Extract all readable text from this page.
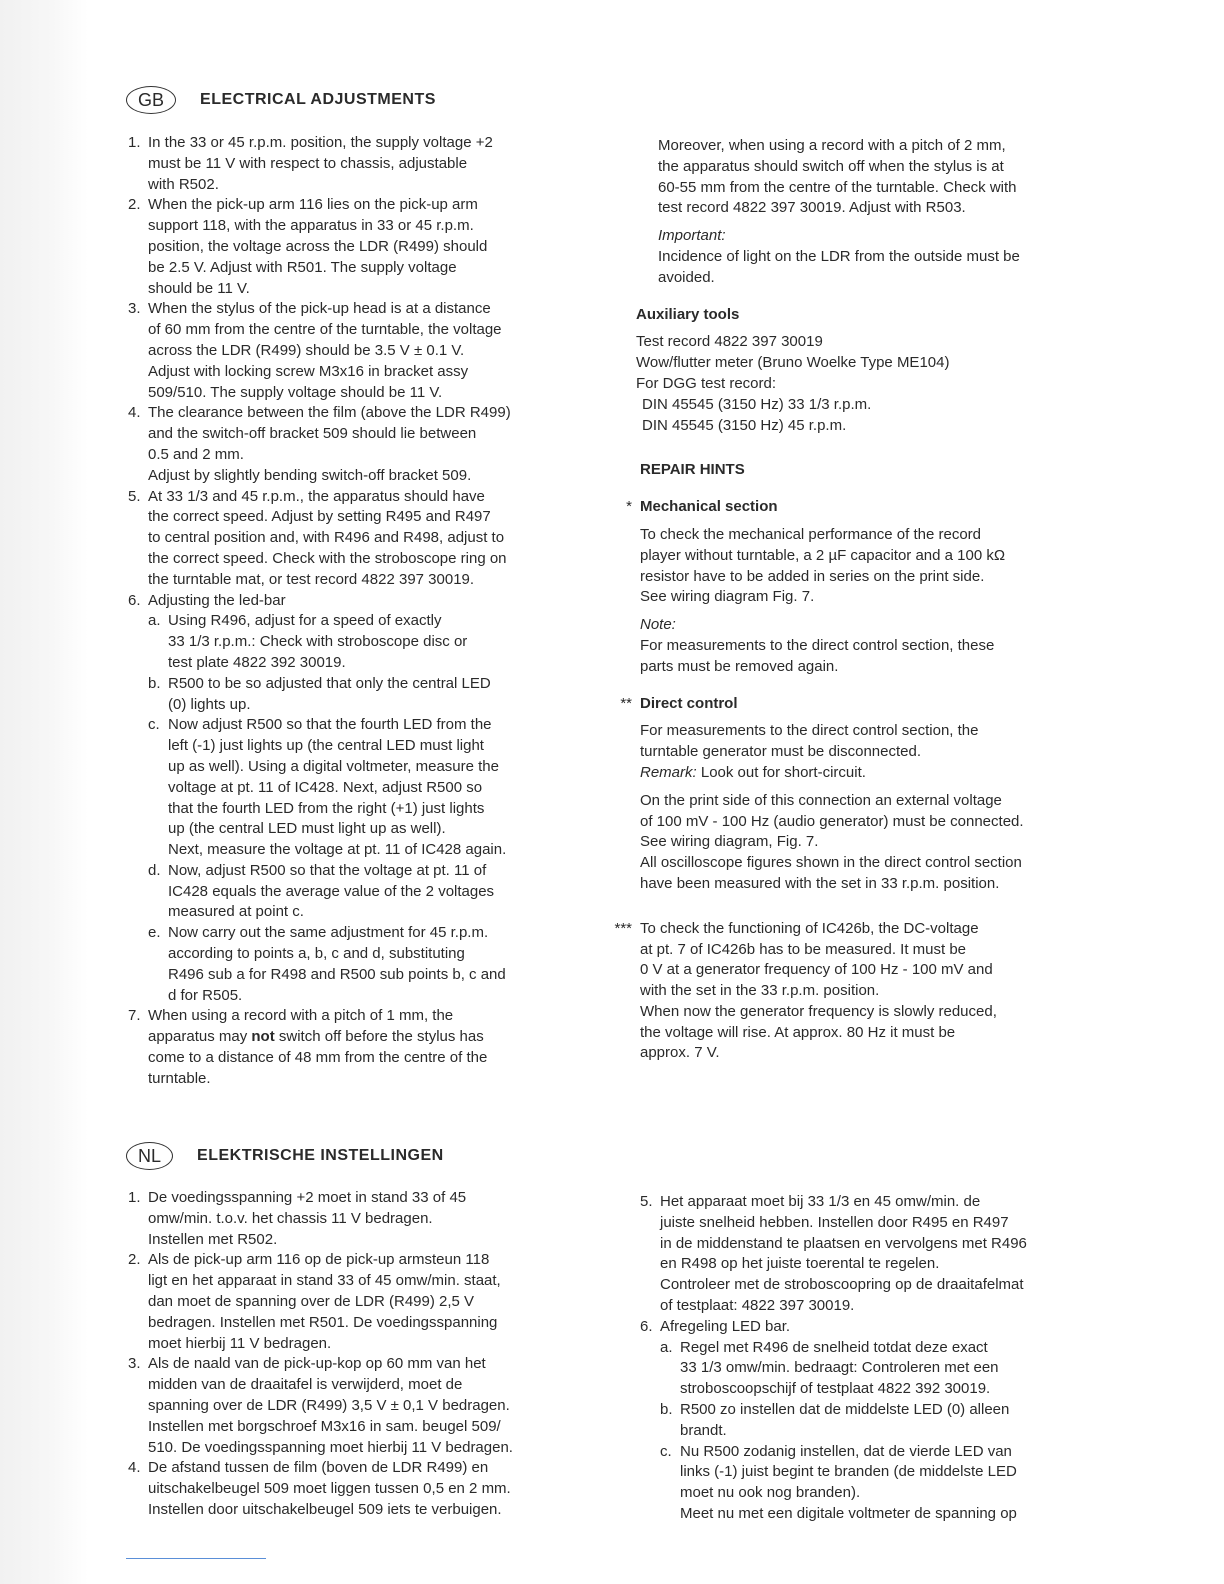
GB	ELECTRICAL ADJUSTMENTS
1. In the 33 or 45 r.p.m. position, the supply voltage +2
must be 11 V with respect to chassis, adjustable
with R502.
2. When the pick-up arm 116 lies on the pick-up arm
support 118, with the apparatus in 33 or 45 r.p.m.
position, the voltage across the LDR (R499) should
be 2.5 V. Adjust with R501. The supply voltage
should be 11 V.
3. When the stylus of the pick-up head is at a distance
of 60 mm from the centre of the turntable, the voltage
across the LDR (R499) should be 3.5 V ± 0.1 V.
Adjust with locking screw M3x16 in bracket assy
509/510. The supply voltage should be 11 V.
4. The clearance between the film (above the LDR R499)
and the switch-off bracket 509 should lie between
0.5 and 2 mm.
Adjust by slightly bending switch-off bracket 509.
5. At 33 1/3 and 45 r.p.m., the apparatus should have
the correct speed. Adjust by setting R495 and R497
to central position and, with R496 and R498, adjust to
the correct speed. Check with the stroboscope ring on
the turntable mat, or test record 4822 397 30019.
6. Adjusting the led-bar
a. Using R496, adjust for a speed of exactly
33 1/3 r.p.m.: Check with stroboscope disc or
test plate 4822 392 30019.
b. R500 to be so adjusted that only the central LED
(0) lights up.
c. Now adjust R500 so that the fourth LED from the
left (-1) just lights up (the central LED must light
up as well). Using a digital voltmeter, measure the
voltage at pt. 11 of IC428. Next, adjust R500 so
that the fourth LED from the right (+1) just lights
up (the central LED must light up as well).
Next, measure the voltage at pt. 11 of IC428 again.
d. Now, adjust R500 so that the voltage at pt. 11 of
IC428 equals the average value of the 2 voltages
measured at point c.
e. Now carry out the same adjustment for 45 r.p.m.
according to points a, b, c and d, substituting
R496 sub a for R498 and R500 sub points b, c and
d for R505.
7. When using a record with a pitch of 1 mm, the
apparatus may not switch off before the stylus has
come to a distance of 48 mm from the centre of the
turntable.
Moreover, when using a record with a pitch of 2 mm,
the apparatus should switch off when the stylus is at
60-55 mm from the centre of the turntable. Check with
test record 4822 397 30019. Adjust with R503.
Important:
Incidence of light on the LDR from the outside must be
avoided.
Auxiliary tools
Test record 4822 397 30019
Wow/flutter meter (Bruno Woelke Type ME104)
For DGG test record:
DIN 45545 (3150 Hz) 33 1/3 r.p.m.
DIN 45545 (3150 Hz) 45 r.p.m.
REPAIR HINTS
* Mechanical section
To check the mechanical performance of the record
player without turntable, a 2 µF capacitor and a 100 kΩ
resistor have to be added in series on the print side.
See wiring diagram Fig. 7.
Note:
For measurements to the direct control section, these
parts must be removed again.
** Direct control
For measurements to the direct control section, the
turntable generator must be disconnected.
Remark: Look out for short-circuit.
On the print side of this connection an external voltage
of 100 mV - 100 Hz (audio generator) must be connected.
See wiring diagram, Fig. 7.
All oscilloscope figures shown in the direct control section
have been measured with the set in 33 r.p.m. position.
*** To check the functioning of IC426b, the DC-voltage
at pt. 7 of IC426b has to be measured. It must be
0 V at a generator frequency of 100 Hz - 100 mV and
with the set in the 33 r.p.m. position.
When now the generator frequency is slowly reduced,
the voltage will rise. At approx. 80 Hz it must be
approx. 7 V.
NL	ELEKTRISCHE INSTELLINGEN
1. De voedingsspanning +2 moet in stand 33 of 45
omw/min. t.o.v. het chassis 11 V bedragen.
Instellen met R502.
2. Als de pick-up arm 116 op de pick-up armsteun 118
ligt en het apparaat in stand 33 of 45 omw/min. staat,
dan moet de spanning over de LDR (R499) 2,5 V
bedragen. Instellen met R501. De voedingsspanning
moet hierbij 11 V bedragen.
3. Als de naald van de pick-up-kop op 60 mm van het
midden van de draaitafel is verwijderd, moet de
spanning over de LDR (R499) 3,5 V ± 0,1 V bedragen.
Instellen met borgschroef M3x16 in sam. beugel 509/
510. De voedingsspanning moet hierbij 11 V bedragen.
4. De afstand tussen de film (boven de LDR R499) en
uitschakelbeugel 509 moet liggen tussen 0,5 en 2 mm.
Instellen door uitschakelbeugel 509 iets te verbuigen.
5. Het apparaat moet bij 33 1/3 en 45 omw/min. de
juiste snelheid hebben. Instellen door R495 en R497
in de middenstand te plaatsen en vervolgens met R496
en R498 op het juiste toerental te regelen.
Controleer met de stroboscoopring op de draaitafelmat
of testplaat: 4822 397 30019.
6. Afregeling LED bar.
a. Regel met R496 de snelheid totdat deze exact
33 1/3 omw/min. bedraagt: Controleren met een
stroboscoopschijf of testplaat 4822 392 30019.
b. R500 zo instellen dat de middelste LED (0) alleen
brandt.
c. Nu R500 zodanig instellen, dat de vierde LED van
links (-1) juist begint te branden (de middelste LED
moet nu ook nog branden).
Meet nu met een digitale voltmeter de spanning op
